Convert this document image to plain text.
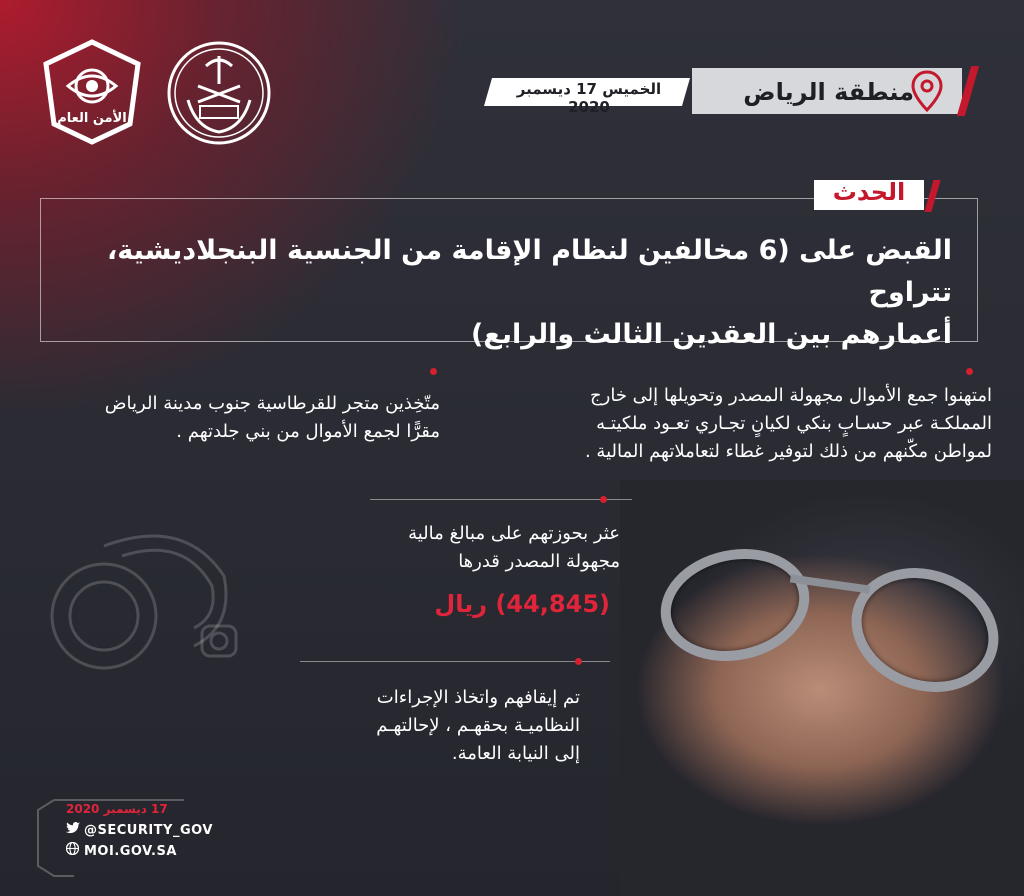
الأمن العام
منطقة الرياض
الخميس 17 ديسمبر 2020
الحدث
القبض على (6 مخالفين لنظام الإقامة من الجنسية البنجلاديشية، تتراوح
أعمارهم بين العقدين الثالث والرابع)
امتهنوا جمع الأموال مجهولة المصدر وتحويلها إلى خارج
المملكـة عبر حسـابٍ بنكي لكيانٍ تجـاري تعـود ملكيتـه
لمواطن مكّنهم من ذلك لتوفير غطاء لتعاملاتهم المالية .
متّخِذين متجر للقرطاسية جنوب مدينة الرياض
مقرًّا لجمع الأموال من بني جلدتهم .
عثر بحوزتهم على مبالغ مالية
مجهولة المصدر قدرها
(44,845) ريال
تم إيقافهم واتخاذ الإجراءات
النظاميـة بحقهـم ، لإحالتهـم
إلى النيابة العامة.
17 ديسمبر 2020
@SECURITY_GOV
MOI.GOV.SA
